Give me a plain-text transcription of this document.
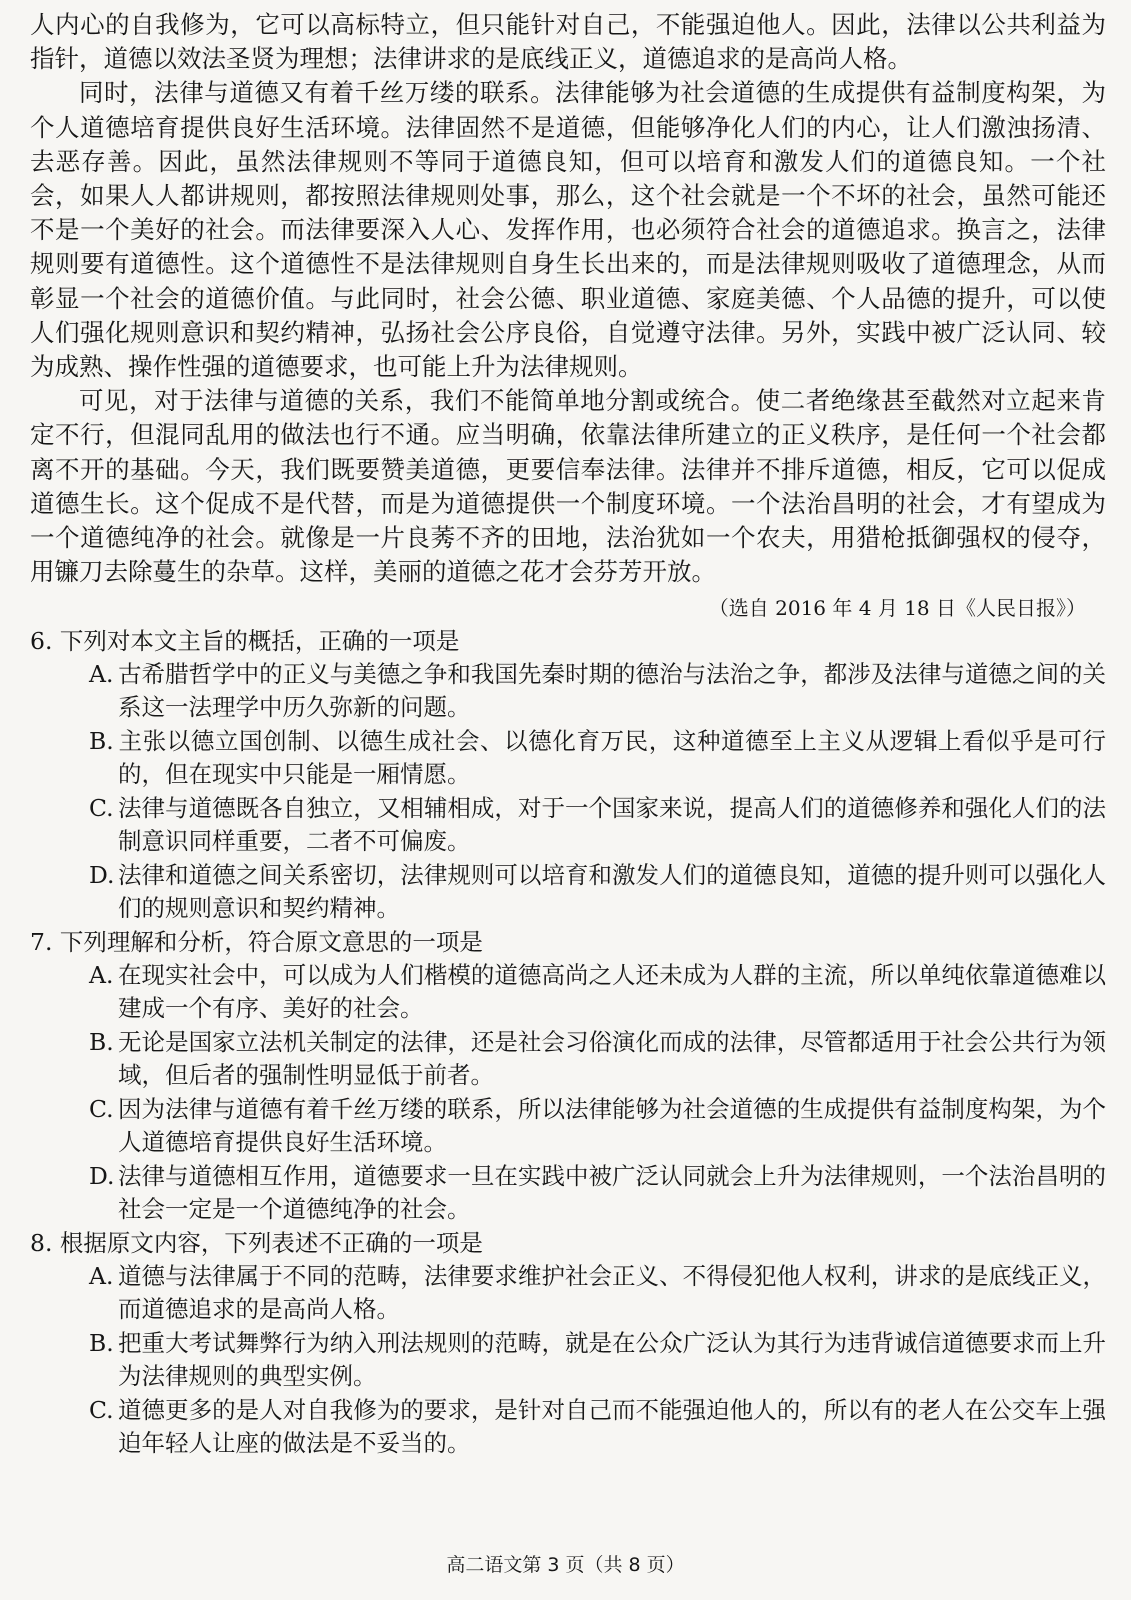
人内心的自我修为，它可以高标特立，但只能针对自己，不能强迫他人。因此，法律以公共利益为指针，道德以效法圣贤为理想；法律讲求的是底线正义，道德追求的是高尚人格。

同时，法律与道德又有着千丝万缕的联系。法律能够为社会道德的生成提供有益制度构架，为个人道德培育提供良好生活环境。法律固然不是道德，但能够净化人们的内心，让人们激浊扬清、去恶存善。因此，虽然法律规则不等同于道德良知，但可以培育和激发人们的道德良知。一个社会，如果人人都讲规则，都按照法律规则处事，那么，这个社会就是一个不坏的社会，虽然可能还不是一个美好的社会。而法律要深入人心、发挥作用，也必须符合社会的道德追求。换言之，法律规则要有道德性。这个道德性不是法律规则自身生长出来的，而是法律规则吸收了道德理念，从而彰显一个社会的道德价值。与此同时，社会公德、职业道德、家庭美德、个人品德的提升，可以使人们强化规则意识和契约精神，弘扬社会公序良俗，自觉遵守法律。另外，实践中被广泛认同、较为成熟、操作性强的道德要求，也可能上升为法律规则。

可见，对于法律与道德的关系，我们不能简单地分割或统合。使二者绝缘甚至截然对立起来肯定不行，但混同乱用的做法也行不通。应当明确，依靠法律所建立的正义秩序，是任何一个社会都离不开的基础。今天，我们既要赞美道德，更要信奉法律。法律并不排斥道德，相反，它可以促成道德生长。这个促成不是代替，而是为道德提供一个制度环境。一个法治昌明的社会，才有望成为一个道德纯净的社会。就像是一片良莠不齐的田地，法治犹如一个农夫，用猎枪抵御强权的侵夺，用镰刀去除蔓生的杂草。这样，美丽的道德之花才会芬芳开放。

（选自 2016 年 4 月 18 日《人民日报》）

6. 下列对本文主旨的概括，正确的一项是

A. 古希腊哲学中的正义与美德之争和我国先秦时期的德治与法治之争，都涉及法律与道德之间的关系这一法理学中历久弥新的问题。

B. 主张以德立国创制、以德生成社会、以德化育万民，这种道德至上主义从逻辑上看似乎是可行的，但在现实中只能是一厢情愿。

C. 法律与道德既各自独立，又相辅相成，对于一个国家来说，提高人们的道德修养和强化人们的法制意识同样重要，二者不可偏废。

D. 法律和道德之间关系密切，法律规则可以培育和激发人们的道德良知，道德的提升则可以强化人们的规则意识和契约精神。

7. 下列理解和分析，符合原文意思的一项是

A. 在现实社会中，可以成为人们楷模的道德高尚之人还未成为人群的主流，所以单纯依靠道德难以建成一个有序、美好的社会。

B. 无论是国家立法机关制定的法律，还是社会习俗演化而成的法律，尽管都适用于社会公共行为领域，但后者的强制性明显低于前者。

C. 因为法律与道德有着千丝万缕的联系，所以法律能够为社会道德的生成提供有益制度构架，为个人道德培育提供良好生活环境。

D. 法律与道德相互作用，道德要求一旦在实践中被广泛认同就会上升为法律规则，一个法治昌明的社会一定是一个道德纯净的社会。

8. 根据原文内容，下列表述不正确的一项是

A. 道德与法律属于不同的范畴，法律要求维护社会正义、不得侵犯他人权利，讲求的是底线正义，而道德追求的是高尚人格。

B. 把重大考试舞弊行为纳入刑法规则的范畴，就是在公众广泛认为其行为违背诚信道德要求而上升为法律规则的典型实例。

C. 道德更多的是人对自我修为的要求，是针对自己而不能强迫他人的，所以有的老人在公交车上强迫年轻人让座的做法是不妥当的。

高二语文第 3 页（共 8 页）
